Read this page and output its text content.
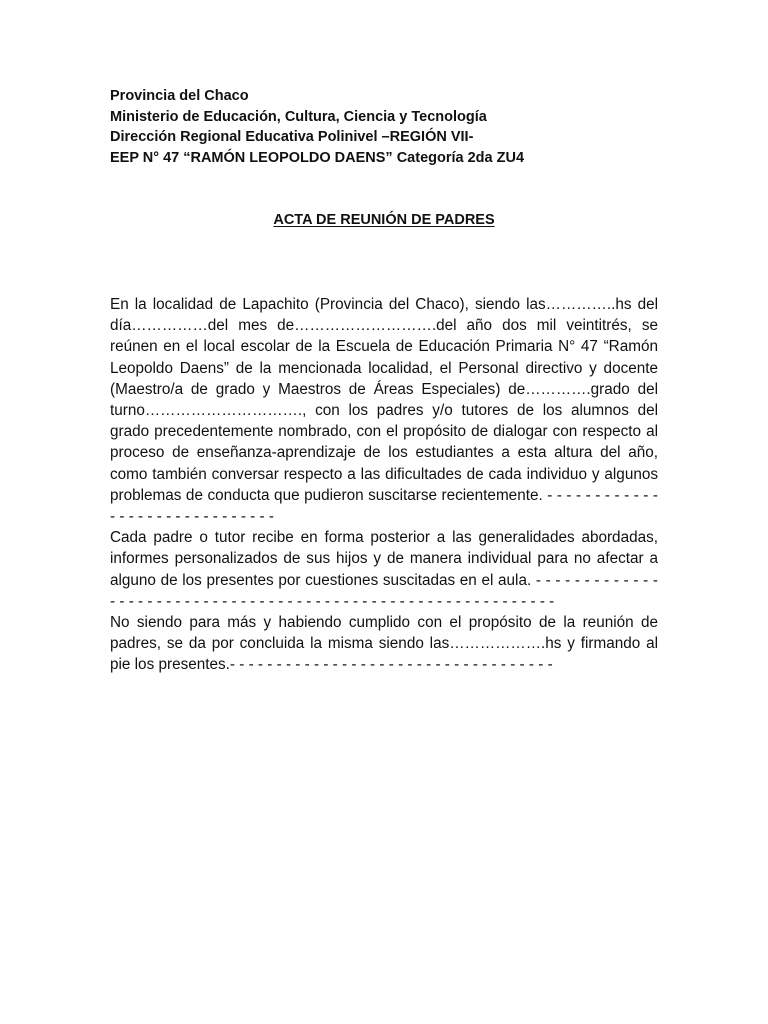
Provincia del Chaco
Ministerio de Educación, Cultura, Ciencia y Tecnología
Dirección Regional Educativa Polinivel –REGIÓN VII-
EEP N° 47 “RAMÓN LEOPOLDO DAENS” Categoría 2da ZU4
ACTA DE REUNIÓN DE PADRES

En la localidad de Lapachito (Provincia del Chaco), siendo las…………..hs del día……………del mes de……………………….del año dos mil veintitrés, se reúnen en el local escolar de la Escuela de Educación Primaria N° 47 “Ramón Leopoldo Daens” de la mencionada localidad, el Personal directivo y docente (Maestro/a de grado y Maestros de Áreas Especiales) de………….grado del turno…………………………., con los padres y/o tutores de los alumnos del grado precedentemente nombrado, con el propósito de dialogar con respecto al proceso de enseñanza-aprendizaje de los estudiantes a esta altura del año, como también conversar respecto a las dificultades de cada individuo y algunos problemas de conducta que pudieron suscitarse recientemente. - - - - - - - - - - - - - - - - - - - - - - - - - - - - - -

Cada padre o tutor recibe en forma posterior a las generalidades abordadas, informes personalizados de sus hijos y de manera individual para no afectar a alguno de los presentes por cuestiones suscitadas en el aula. - - - - - - - - - - - - - - - - - - - - - - - - - - - - - - - - - - - - - - - - - - - - - - - - - - - - - - - - - - - - -

No siendo para más y habiendo cumplido con el propósito de la reunión de padres, se da por concluida la misma siendo las……………….hs y firmando al pie los presentes.- - - - - - - - - - - - - - - - - - - - - - - - - - - - - - - - - - -
